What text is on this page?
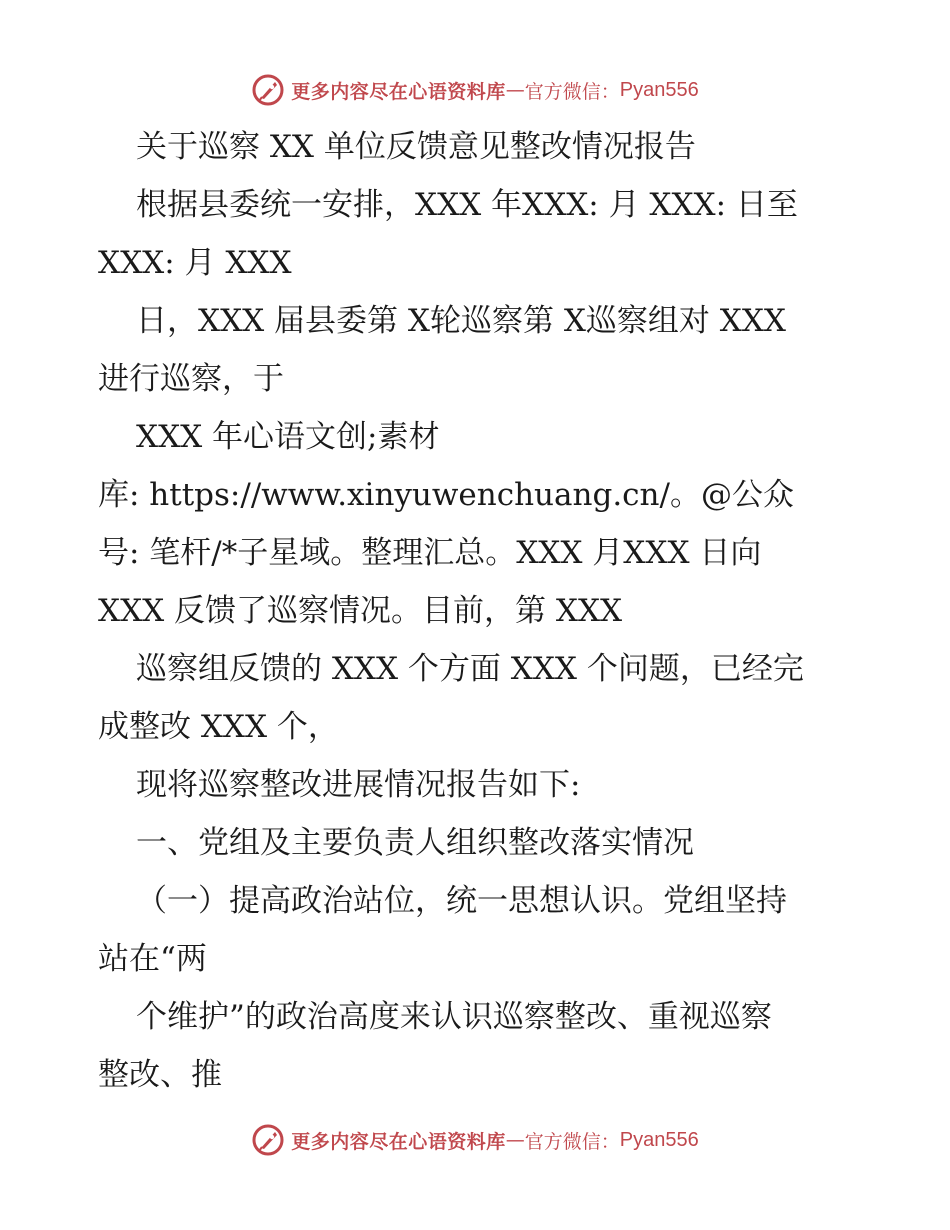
更多内容尽在心语资料库 — 官方微信： Pyan556
关于巡察 XX 单位反馈意见整改情况报告
根据县委统一安排，XXX 年XXX: 月 XXX: 日至
XXX: 月 XXX
日，XXX 届县委第 X轮巡察第 X巡察组对 XXX
进行巡察，于
XXX 年心语文创;素材
库: https://www.xinyuwenchuang.cn/。@公众
号: 笔杆/*子星域。整理汇总。XXX 月XXX 日向
XXX 反馈了巡察情况。目前，第 XXX
巡察组反馈的 XXX 个方面 XXX 个问题，已经完
成整改 XXX 个，
现将巡察整改进展情况报告如下:
一、党组及主要负责人组织整改落实情况
（一）提高政治站位，统一思想认识。党组坚持
站在“两
个维护”的政治高度来认识巡察整改、重视巡察
整改、推
更多内容尽在心语资料库 — 官方微信： Pyan556
